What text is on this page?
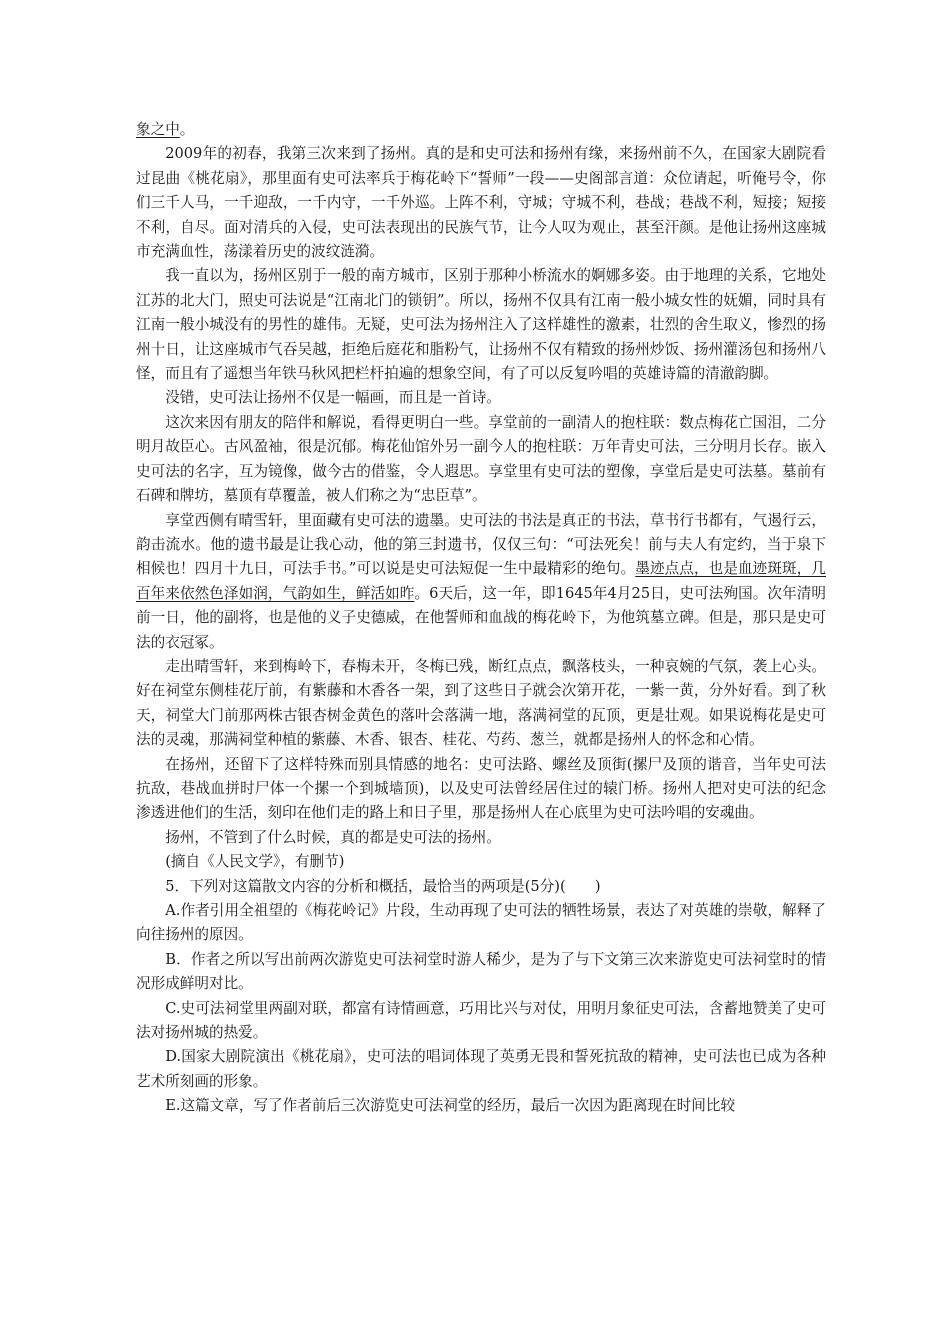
象之中。

2009年的初春，我第三次来到了扬州。真的是和史可法和扬州有缘，来扬州前不久，在国家大剧院看过昆曲《桃花扇》，那里面有史可法率兵于梅花岭下“誓师”一段——史阁部言道：众位请起，听俺号令，你们三千人马，一千迎敌，一千内守，一千外巡。上阵不利，守城；守城不利，巷战；巷战不利，短接；短接不利，自尽。面对清兵的入侵，史可法表现出的民族气节，让今人叹为观止，甚至汗颜。是他让扬州这座城市充满血性，荡漾着历史的波纹涟漪。

我一直以为，扬州区别于一般的南方城市，区别于那种小桥流水的婀娜多姿。由于地理的关系，它地处江苏的北大门，照史可法说是“江南北门的锁钥”。所以，扬州不仅具有江南一般小城女性的妩媚，同时具有江南一般小城没有的男性的雄伟。无疑，史可法为扬州注入了这样雄性的激素，壮烈的舍生取义，惨烈的扬州十日，让这座城市气吞吴越，拒绝后庭花和脂粉气，让扬州不仅有精致的扬州炒饭、扬州灌汤包和扬州八怪，而且有了遥想当年铁马秋风把栏杆拍遍的想象空间，有了可以反复吟唱的英雄诗篇的清澈韵脚。

没错，史可法让扬州不仅是一幅画，而且是一首诗。

这次来因有朋友的陪伴和解说，看得更明白一些。享堂前的一副清人的抱柱联：数点梅花亡国泪，二分明月故臣心。古风盈袖，很是沉郁。梅花仙馆外另一副今人的抱柱联：万年青史可法，三分明月长存。嵌入史可法的名字，互为镜像，做今古的借鉴，令人遐思。享堂里有史可法的塑像，享堂后是史可法墓。墓前有石碑和牌坊，墓顶有草覆盖，被人们称之为“忠臣草”。

享堂西侧有晴雪轩，里面藏有史可法的遗墨。史可法的书法是真正的书法，草书行书都有，气遏行云，韵击流水。他的遗书最是让我心动，他的第三封遗书，仅仅三句：“可法死矣！前与夫人有定约，当于泉下相候也！四月十九日，可法手书。”可以说是史可法短促一生中最精彩的绝句。墨迹点点，也是血迹斑斑，几百年来依然色泽如润，气韵如生，鲜活如昨。6天后，这一年，即1645年4月25日，史可法殉国。次年清明前一日，他的副将，也是他的义子史德威，在他誓师和血战的梅花岭下，为他筑墓立碑。但是，那只是史可法的衣冠冢。

走出晴雪轩，来到梅岭下，春梅未开，冬梅已残，断红点点，飘落枝头，一种哀婉的气氛，袭上心头。好在祠堂东侧桂花厅前，有紫藤和木香各一架，到了这些日子就会次第开花，一紫一黄，分外好看。到了秋天，祠堂大门前那两株古银杏树金黄色的落叶会落满一地，落满祠堂的瓦顶，更是壮观。如果说梅花是史可法的灵魂，那满祠堂种植的紫藤、木香、银杏、桂花、芍药、葱兰，就都是扬州人的怀念和心情。

在扬州，还留下了这样特殊而别具情感的地名：史可法路、螺丝及顶街(摞尸及顶的谐音，当年史可法抗敌，巷战血拼时尸体一个摞一个到城墙顶)，以及史可法曾经居住过的辕门桥。扬州人把对史可法的纪念渗透进他们的生活，刻印在他们走的路上和日子里，那是扬州人在心底里为史可法吟唱的安魂曲。

扬州，不管到了什么时候，真的都是史可法的扬州。

(摘自《人民文学》，有删节)

5．下列对这篇散文内容的分析和概括，最恰当的两项是(5分)(　　)

A.作者引用全祖望的《梅花岭记》片段，生动再现了史可法的牺牲场景，表达了对英雄的崇敬，解释了向往扬州的原因。

B．作者之所以写出前两次游览史可法祠堂时游人稀少，是为了与下文第三次来游览史可法祠堂时的情况形成鲜明对比。

C.史可法祠堂里两副对联，都富有诗情画意，巧用比兴与对仗，用明月象征史可法，含蓄地赞美了史可法对扬州城的热爱。

D.国家大剧院演出《桃花扇》，史可法的唱词体现了英勇无畏和誓死抗敌的精神，史可法也已成为各种艺术所刻画的形象。

E.这篇文章，写了作者前后三次游览史可法祠堂的经历，最后一次因为距离现在时间比较
